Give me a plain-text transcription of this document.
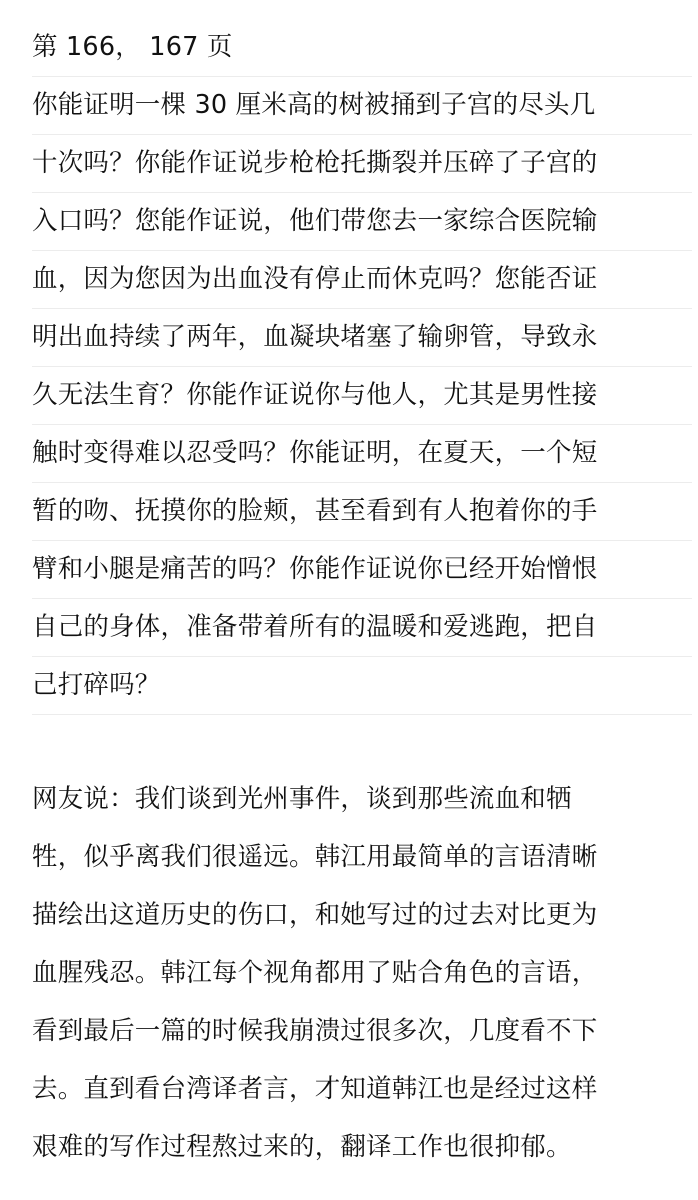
第 166， 167 页
你能证明一棵 30 厘米高的树被捅到子宫的尽头几
十次吗？你能作证说步枪枪托撕裂并压碎了子宫的
入口吗？您能作证说，他们带您去一家综合医院输
血，因为您因为出血没有停止而休克吗？您能否证
明出血持续了两年，血凝块堵塞了输卵管，导致永
久无法生育？你能作证说你与他人，尤其是男性接
触时变得难以忍受吗？你能证明，在夏天，一个短
暂的吻、抚摸你的脸颊，甚至看到有人抱着你的手
臂和小腿是痛苦的吗？你能作证说你已经开始憎恨
自己的身体，准备带着所有的温暖和爱逃跑，把自
己打碎吗？
网友说：我们谈到光州事件，谈到那些流血和牺
牲，似乎离我们很遥远。韩江用最简单的言语清晰
描绘出这道历史的伤口，和她写过的过去对比更为
血腥残忍。韩江每个视角都用了贴合角色的言语，
看到最后一篇的时候我崩溃过很多次，几度看不下
去。直到看台湾译者言，才知道韩江也是经过这样
艰难的写作过程熬过来的，翻译工作也很抑郁。
